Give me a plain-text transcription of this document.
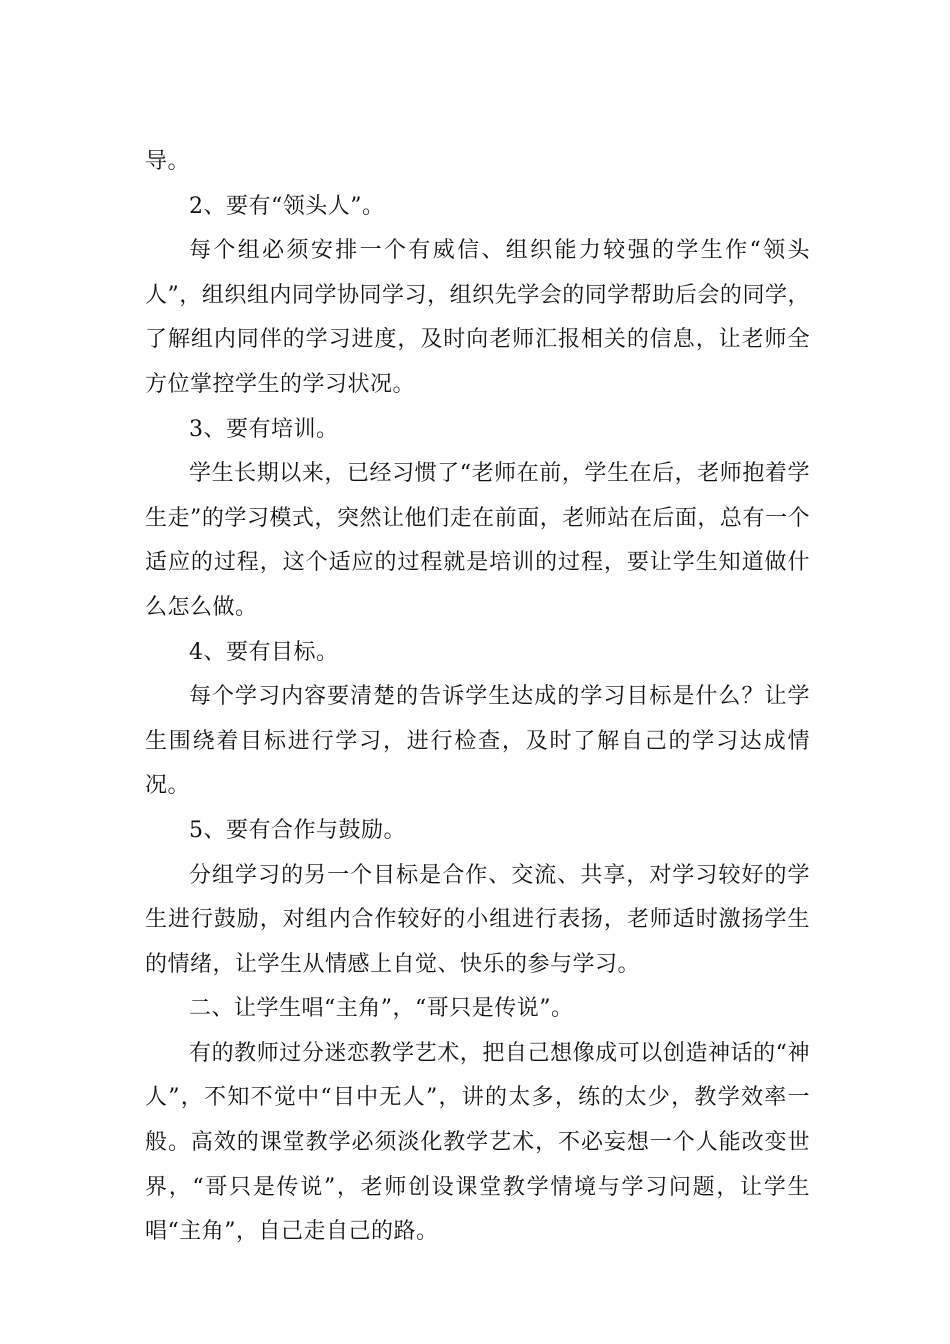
导。

2、要有“领头人”。

每个组必须安排一个有威信、组织能力较强的学生作“领头人”，组织组内同学协同学习，组织先学会的同学帮助后会的同学，了解组内同伴的学习进度，及时向老师汇报相关的信息，让老师全方位掌控学生的学习状况。

3、要有培训。

学生长期以来，已经习惯了“老师在前，学生在后，老师抱着学生走”的学习模式，突然让他们走在前面，老师站在后面，总有一个适应的过程，这个适应的过程就是培训的过程，要让学生知道做什么怎么做。

4、要有目标。

每个学习内容要清楚的告诉学生达成的学习目标是什么？让学生围绕着目标进行学习，进行检查，及时了解自己的学习达成情况。

5、要有合作与鼓励。

分组学习的另一个目标是合作、交流、共享，对学习较好的学生进行鼓励，对组内合作较好的小组进行表扬，老师适时激扬学生的情绪，让学生从情感上自觉、快乐的参与学习。

二、让学生唱“主角”，“哥只是传说”。

有的教师过分迷恋教学艺术，把自己想像成可以创造神话的“神人”，不知不觉中“目中无人”，讲的太多，练的太少，教学效率一般。高效的课堂教学必须淡化教学艺术，不必妄想一个人能改变世界，“哥只是传说”，老师创设课堂教学情境与学习问题，让学生唱“主角”，自己走自己的路。
